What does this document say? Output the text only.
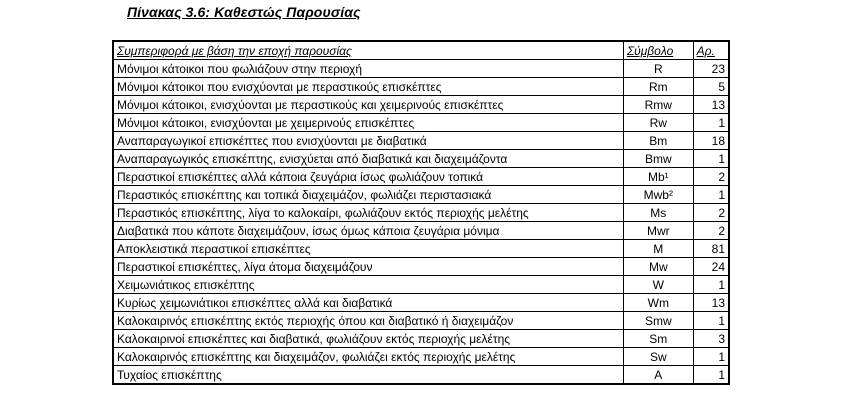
Πίνακας 3.6: Καθεστώς Παρουσίας
Συμπεριφορά με βάση την εποχή παρουσίας	Σύμβολο	Αρ.
Μόνιμοι κάτοικοι που φωλιάζουν στην περιοχή	R	23
Μόνιμοι κάτοικοι που ενισχύονται με περαστικούς επισκέπτες	Rm	5
Μόνιμοι κάτοικοι, ενισχύονται με περαστικούς και χειμερινούς επισκέπτες	Rmw	13
Μόνιμοι κάτοικοι, ενισχύονται με χειμερινούς επισκέπτες	Rw	1
Αναπαραγωγικοί επισκέπτες που ενισχύονται με διαβατικά	Bm	18
Αναπαραγωγικός επισκέπτης, ενισχύεται από διαβατικά και διαχειμάζοντα	Bmw	1
Περαστικοί επισκέπτες αλλά κάποια ζευγάρια ίσως φωλιάζουν τοπικά	Mb¹	2
Περαστικός επισκέπτης και τοπικά διαχειμάζον, φωλιάζει περιστασιακά	Mwb²	1
Περαστικός επισκέπτης, λίγα το καλοκαίρι, φωλιάζουν εκτός περιοχής μελέτης	Ms	2
Διαβατικά που κάποτε διαχειμάζουν, ίσως όμως κάποια ζευγάρια μόνιμα	Mwr	2
Αποκλειστικά περαστικοί επισκέπτες	M	81
Περαστικοί επισκέπτες, λίγα άτομα διαχειμάζουν	Mw	24
Χειμωνιάτικος επισκέπτης	W	1
Κυρίως χειμωνιάτικοι επισκέπτες αλλά και διαβατικά	Wm	13
Καλοκαιρινός επισκέπτης εκτός περιοχής όπου και διαβατικό ή διαχειμάζον	Smw	1
Καλοκαιρινοί επισκέπτες και διαβατικά, φωλιάζουν εκτός περιοχής μελέτης	Sm	3
Καλοκαιρινός επισκέπτης και διαχειμάζον, φωλιάζει εκτός περιοχής μελέτης	Sw	1
Τυχαίος επισκέπτης	A	1
